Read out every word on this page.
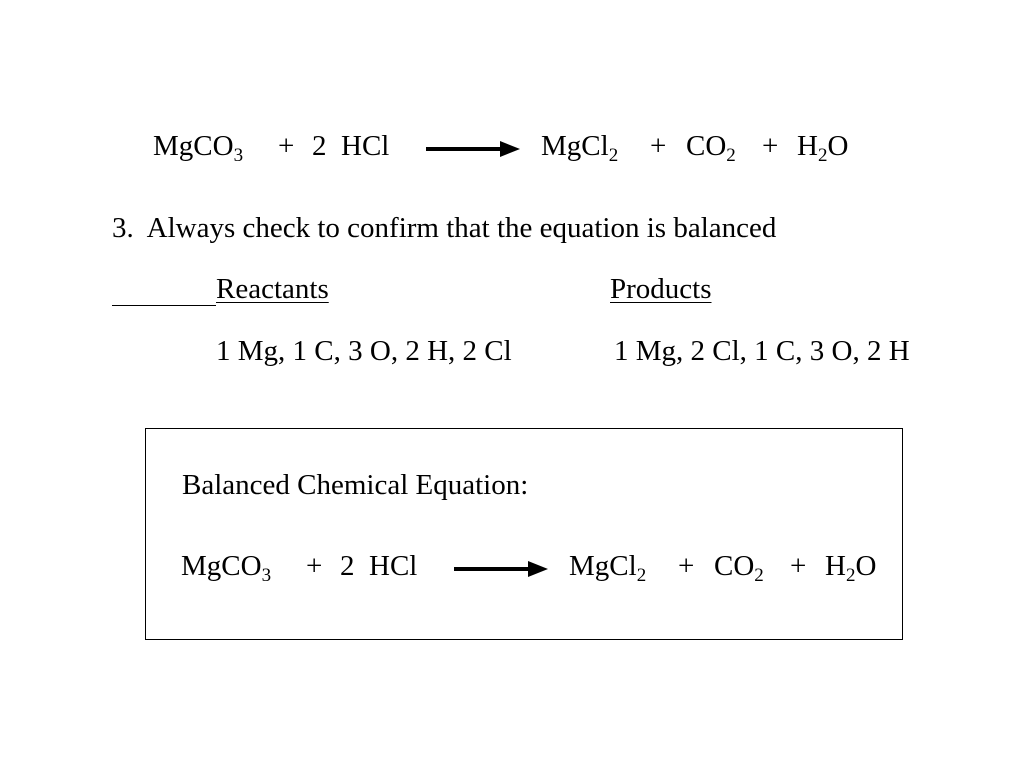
MgCO$_3$ + 2  HCl → MgCl$_2$ + $CO_2 + H_2O$
3.  Always check to confirm that the equation is balanced
Reactants	Products
1 Mg, 1 C, 3 O, 2 H, 2 Cl	1 Mg, 2 Cl, 1 C, 3 O, 2 H
Balanced Chemical Equation:
MgCO$_3$ + 2  HCl → MgCl$_2$ + $CO_2 + H_2O$
